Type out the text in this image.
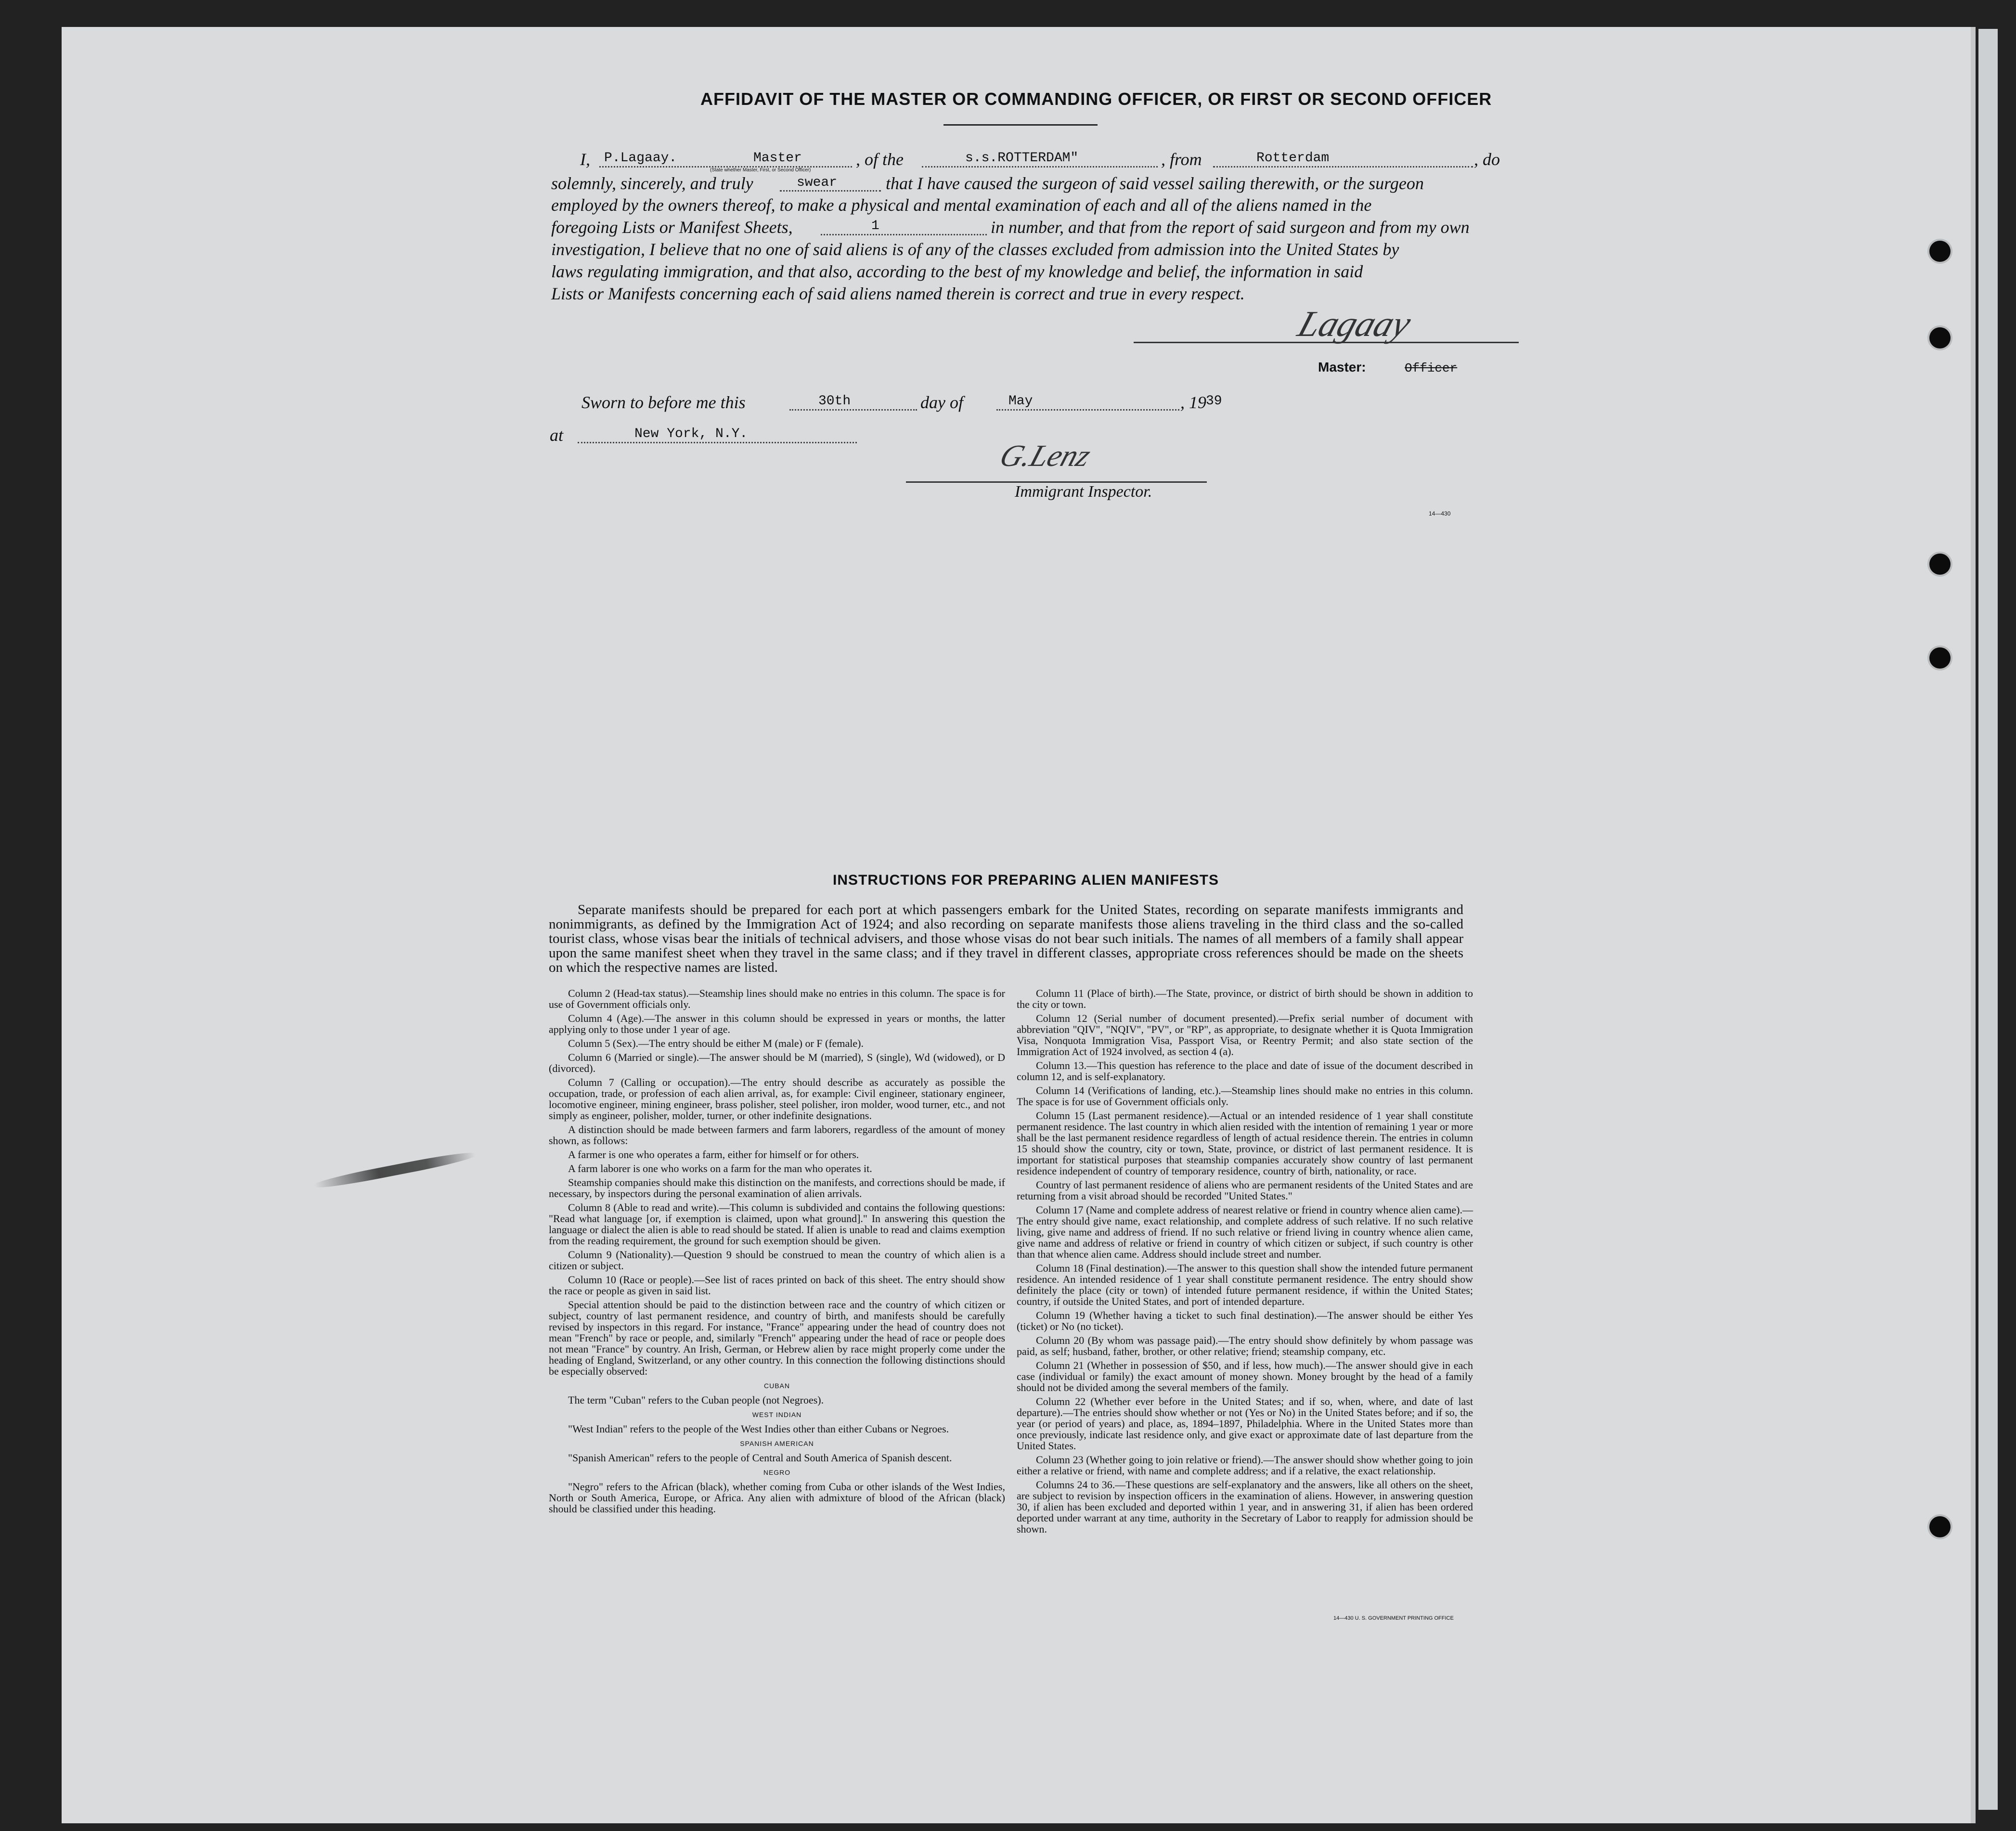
AFFIDAVIT OF THE MASTER OR COMMANDING OFFICER, OR FIRST OR SECOND OFFICER
I, P.Lagaay.	Master
(State whether Master, First, or Second Officer)
, of the	s.s.ROTTERDAM"	, from	Rotterdam	, do
solemnly, sincerely, and truly	swear	that I have caused the surgeon of said vessel sailing therewith, or the surgeon
employed by the owners thereof, to make a physical and mental examination of each and all of the aliens named in the
foregoing Lists or Manifest Sheets,	1	in number, and that from the report of said surgeon and from my own
investigation, I believe that no one of said aliens is of any of the classes excluded from admission into the United States by
laws regulating immigration, and that also, according to the best of my knowledge and belief, the information in said
Lists or Manifests concerning each of said aliens named therein is correct and true in every respect.
Lagaay
Master:	Officer
Sworn to before me this	30th	day of	May	, 19 39
at	New York, N.Y.
G.Lenz
Immigrant Inspector.
14—430
INSTRUCTIONS FOR PREPARING ALIEN MANIFESTS
Separate manifests should be prepared for each port at which passengers embark for the United States, recording on separate manifests immigrants and nonimmigrants, as defined by the Immigration Act of 1924; and also recording on separate manifests those aliens traveling in the third class and the so-called tourist class, whose visas bear the initials of technical advisers, and those whose visas do not bear such initials. The names of all members of a family shall appear upon the same manifest sheet when they travel in the same class; and if they travel in different classes, appropriate cross references should be made on the sheets on which the respective names are listed.

Column 2 (Head-tax status).—Steamship lines should make no entries in this column. The space is for use of Government officials only.

Column 4 (Age).—The answer in this column should be expressed in years or months, the latter applying only to those under 1 year of age.

Column 5 (Sex).—The entry should be either M (male) or F (female).

Column 6 (Married or single).—The answer should be M (married), S (single), Wd (widowed), or D (divorced).

Column 7 (Calling or occupation).—The entry should describe as accurately as possible the occupation, trade, or profession of each alien arrival, as, for example: Civil engineer, stationary engineer, locomotive engineer, mining engineer, brass polisher, steel polisher, iron molder, wood turner, etc., and not simply as engineer, polisher, molder, turner, or other indefinite designations.

A distinction should be made between farmers and farm laborers, regardless of the amount of money shown, as follows:

A farmer is one who operates a farm, either for himself or for others.

A farm laborer is one who works on a farm for the man who operates it.

Steamship companies should make this distinction on the manifests, and corrections should be made, if necessary, by inspectors during the personal examination of alien arrivals.

Column 8 (Able to read and write).—This column is subdivided and contains the following questions: "Read what language [or, if exemption is claimed, upon what ground]." In answering this question the language or dialect the alien is able to read should be stated. If alien is unable to read and claims exemption from the reading requirement, the ground for such exemption should be given.

Column 9 (Nationality).—Question 9 should be construed to mean the country of which alien is a citizen or subject.

Column 10 (Race or people).—See list of races printed on back of this sheet. The entry should show the race or people as given in said list.

Special attention should be paid to the distinction between race and the country of which citizen or subject, country of last permanent residence, and country of birth, and manifests should be carefully revised by inspectors in this regard. For instance, "France" appearing under the head of country does not mean "French" by race or people, and, similarly "French" appearing under the head of race or people does not mean "France" by country. An Irish, German, or Hebrew alien by race might properly come under the heading of England, Switzerland, or any other country. In this connection the following distinctions should be especially observed:

CUBAN

The term "Cuban" refers to the Cuban people (not Negroes).

WEST INDIAN

"West Indian" refers to the people of the West Indies other than either Cubans or Negroes.

SPANISH AMERICAN

"Spanish American" refers to the people of Central and South America of Spanish descent.

NEGRO

"Negro" refers to the African (black), whether coming from Cuba or other islands of the West Indies, North or South America, Europe, or Africa. Any alien with admixture of blood of the African (black) should be classified under this heading.

Column 11 (Place of birth).—The State, province, or district of birth should be shown in addition to the city or town.

Column 12 (Serial number of document presented).—Prefix serial number of document with abbreviation "QIV", "NQIV", "PV", or "RP", as appropriate, to designate whether it is Quota Immigration Visa, Nonquota Immigration Visa, Passport Visa, or Reentry Permit; and also state section of the Immigration Act of 1924 involved, as section 4 (a).

Column 13.—This question has reference to the place and date of issue of the document described in column 12, and is self-explanatory.

Column 14 (Verifications of landing, etc.).—Steamship lines should make no entries in this column. The space is for use of Government officials only.

Column 15 (Last permanent residence).—Actual or an intended residence of 1 year shall constitute permanent residence. The last country in which alien resided with the intention of remaining 1 year or more shall be the last permanent residence regardless of length of actual residence therein. The entries in column 15 should show the country, city or town, State, province, or district of last permanent residence. It is important for statistical purposes that steamship companies accurately show country of last permanent residence independent of country of temporary residence, country of birth, nationality, or race.

Country of last permanent residence of aliens who are permanent residents of the United States and are returning from a visit abroad should be recorded "United States."

Column 17 (Name and complete address of nearest relative or friend in country whence alien came).—The entry should give name, exact relationship, and complete address of such relative. If no such relative living, give name and address of friend. If no such relative or friend living in country whence alien came, give name and address of relative or friend in country of which citizen or subject, if such country is other than that whence alien came. Address should include street and number.

Column 18 (Final destination).—The answer to this question shall show the intended future permanent residence. An intended residence of 1 year shall constitute permanent residence. The entry should show definitely the place (city or town) of intended future permanent residence, if within the United States; country, if outside the United States, and port of intended departure.

Column 19 (Whether having a ticket to such final destination).—The answer should be either Yes (ticket) or No (no ticket).

Column 20 (By whom was passage paid).—The entry should show definitely by whom passage was paid, as self; husband, father, brother, or other relative; friend; steamship company, etc.

Column 21 (Whether in possession of $50, and if less, how much).—The answer should give in each case (individual or family) the exact amount of money shown. Money brought by the head of a family should not be divided among the several members of the family.

Column 22 (Whether ever before in the United States; and if so, when, where, and date of last departure).—The entries should show whether or not (Yes or No) in the United States before; and if so, the year (or period of years) and place, as, 1894–1897, Philadelphia. Where in the United States more than once previously, indicate last residence only, and give exact or approximate date of last departure from the United States.

Column 23 (Whether going to join relative or friend).—The answer should show whether going to join either a relative or friend, with name and complete address; and if a relative, the exact relationship.

Columns 24 to 36.—These questions are self-explanatory and the answers, like all others on the sheet, are subject to revision by inspection officers in the examination of aliens. However, in answering question 30, if alien has been excluded and deported within 1 year, and in answering 31, if alien has been ordered deported under warrant at any time, authority in the Secretary of Labor to reapply for admission should be shown.

14—430 U. S. GOVERNMENT PRINTING OFFICE
